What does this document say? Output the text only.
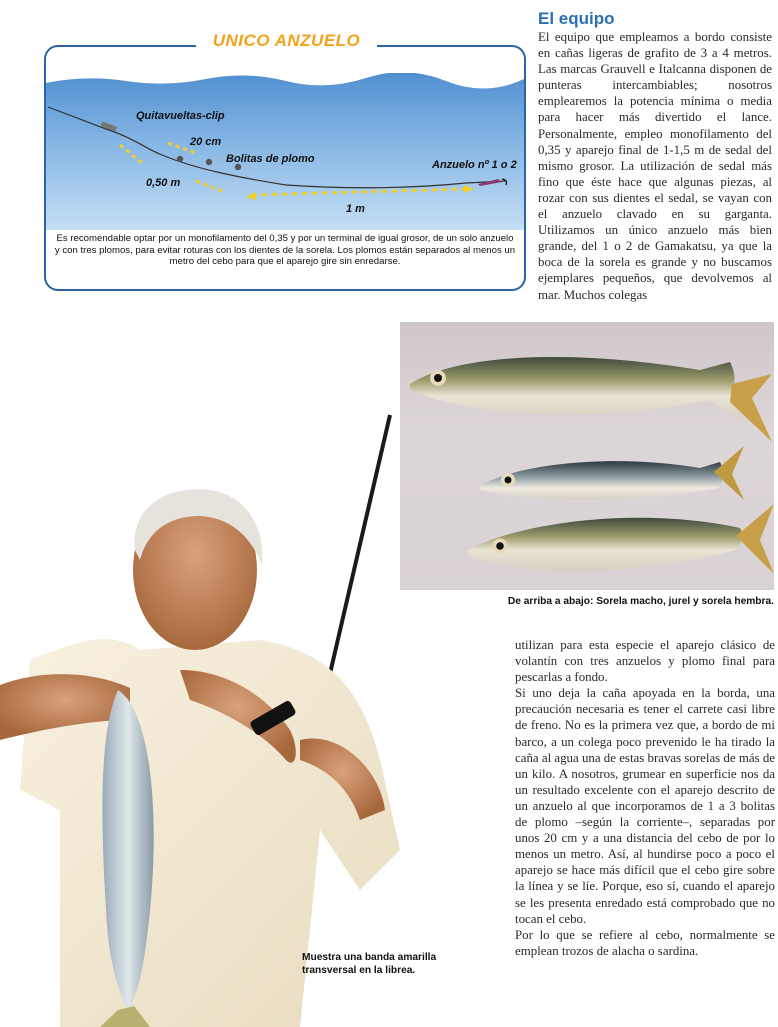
UNICO ANZUELO
Quitavueltas-clip
20 cm
Bolitas de plomo	Anzuelo nº 1 o 2
0,50 m
1 m
Es recomendable optar por un monofilamento del 0,35 y por un terminal de igual grosor, de un solo anzuelo y con tres plomos, para evitar roturas con los dientes de la sorela. Los plomos están separados al menos un metro del cebo para que el aparejo gire sin enredarse.
El equipo
El equipo que empleamos a bordo consiste en cañas ligeras de grafito de 3 a 4 metros. Las marcas Grauvell e Italcanna disponen de punteras intercambiables; nosotros emplearemos la potencia mínima o media para hacer más divertido el lance. Personalmente, empleo monofilamento del 0,35 y aparejo final de 1-1,5 m de sedal del mismo grosor. La utilización de sedal más fino que éste hace que algunas piezas, al rozar con sus dientes el sedal, se vayan con el anzuelo clavado en su garganta. Utilizamos un único anzuelo más bien grande, del 1 o 2 de Gamakatsu, ya que la boca de la sorela es grande y no buscamos ejemplares pequeños, que devolvemos al mar. Muchos colegas
De arriba a abajo: Sorela macho, jurel y sorela hembra.
Muestra una banda amarilla transversal en la librea.

utilizan para esta especie el aparejo clásico de volantín con tres anzuelos y plomo final para pescarlas a fondo.

Si uno deja la caña apoyada en la borda, una precaución necesaria es tener el carrete casi libre de freno. No es la primera vez que, a bordo de mi barco, a un colega poco prevenido le ha tirado la caña al agua una de estas bravas sorelas de más de un kilo. A nosotros, grumear en superficie nos da un resultado excelente con el aparejo descrito de un anzuelo al que incorporamos de 1 a 3 bolitas de plomo –según la corriente–, separadas por unos 20 cm y a una distancia del cebo de por lo menos un metro. Así, al hundirse poco a poco el aparejo se hace más difícil que el cebo gire sobre la línea y se líe. Porque, eso sí, cuando el aparejo se les presenta enredado está comprobado que no tocan el cebo.

Por lo que se refiere al cebo, normalmente se emplean trozos de alacha o sardina.
